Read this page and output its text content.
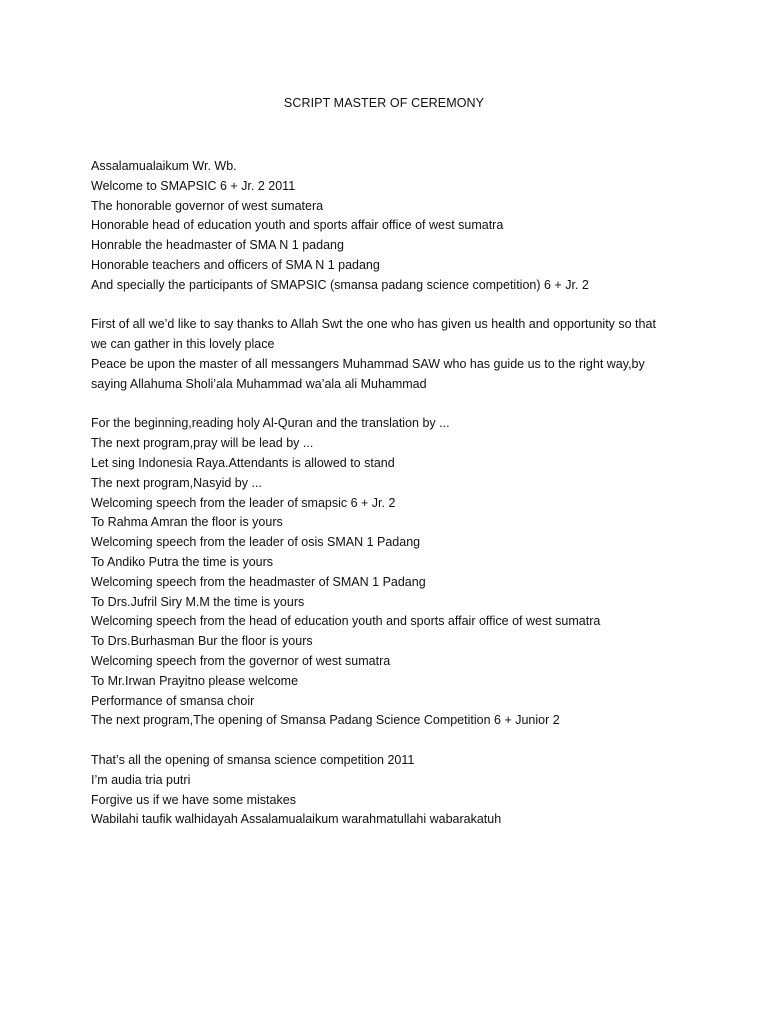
SCRIPT MASTER OF CEREMONY
Assalamualaikum Wr. Wb.
Welcome to SMAPSIC 6 + Jr. 2 2011
The honorable governor of west sumatera
Honorable head of education youth and sports affair office of west sumatra
Honrable the headmaster of SMA N 1 padang
Honorable teachers and officers of SMA N 1 padang
And specially the participants of SMAPSIC (smansa padang science competition) 6 + Jr. 2
First of all we’d like to say thanks to Allah Swt the one who has given us health and opportunity so that
we can gather in this lovely place
Peace be upon the master of all messangers Muhammad SAW who has guide us to the right way,by
saying Allahuma Sholi’ala Muhammad wa’ala ali Muhammad
For the beginning,reading holy Al-Quran and the translation by ...
The next program,pray will be lead by ...
Let sing Indonesia Raya.Attendants is allowed to stand
The next program,Nasyid by ...
Welcoming speech from the leader of smapsic 6 + Jr. 2
To Rahma Amran the floor is yours
Welcoming speech from the leader of osis SMAN 1 Padang
To Andiko Putra the time is yours
Welcoming speech from the headmaster of SMAN 1 Padang
To Drs.Jufril Siry M.M the time is yours
Welcoming speech from the head of education youth and sports affair office of west sumatra
To Drs.Burhasman Bur the floor is yours
Welcoming speech from the governor of west sumatra
To Mr.Irwan Prayitno please welcome
Performance of smansa choir
The next program,The opening of Smansa Padang Science Competition 6 + Junior 2
That’s all the opening of smansa science competition 2011
I’m audia tria putri
Forgive us if we have some mistakes
Wabilahi taufik walhidayah Assalamualaikum warahmatullahi wabarakatuh
